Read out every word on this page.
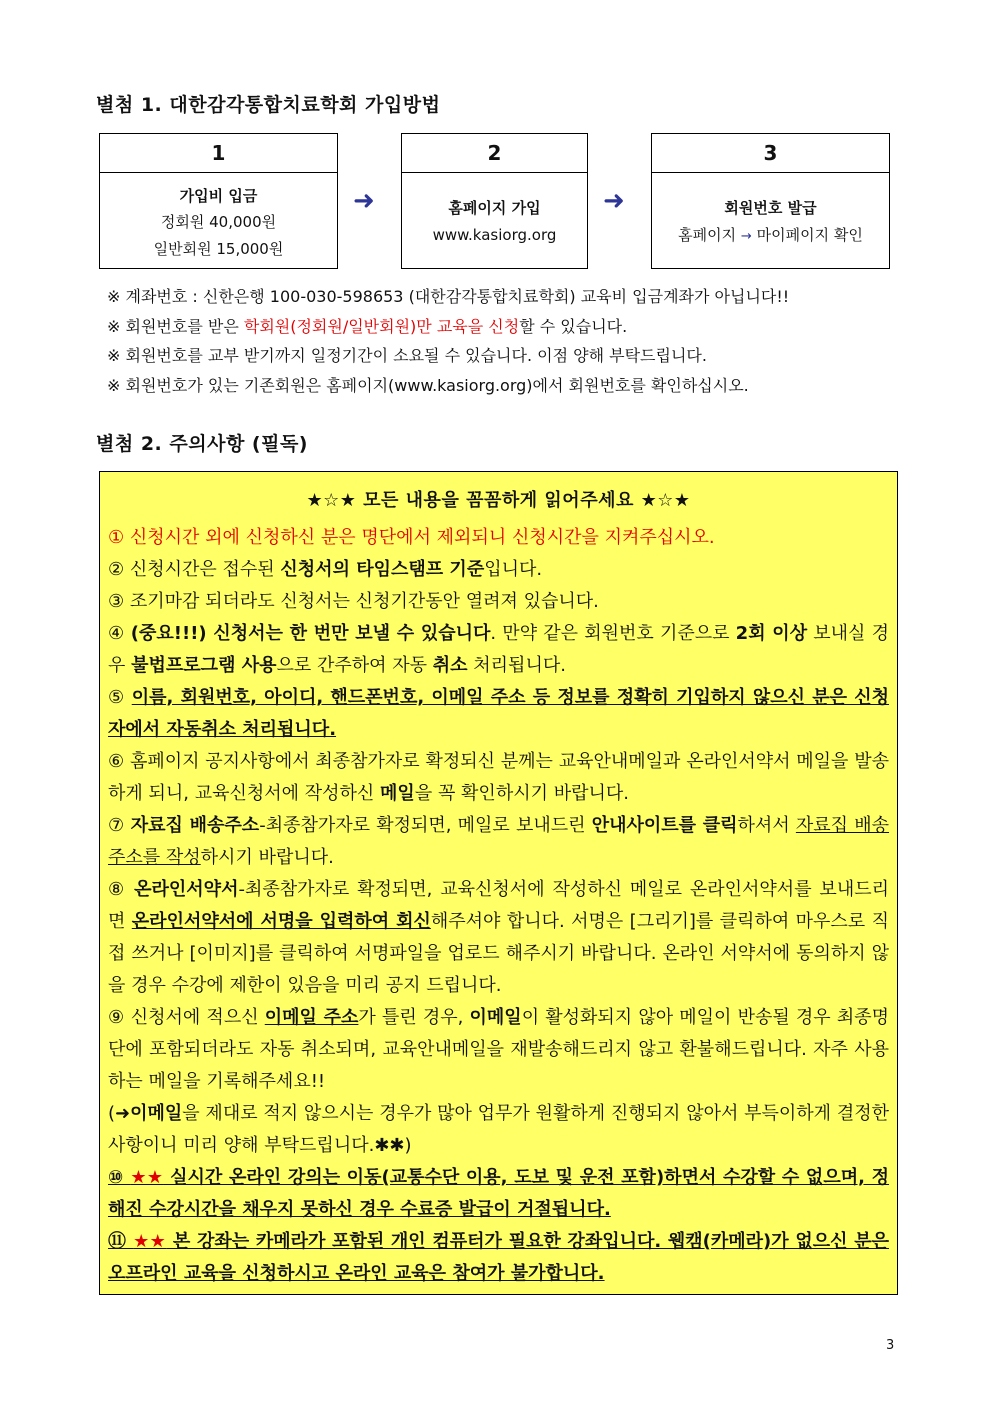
별첨 1. 대한감각통합치료학회 가입방법
1
가입비 입금
정회원 40,000원
일반회원 15,000원
➜
2
홈페이지 가입
www.kasiorg.org
➜
3
회원번호 발급
홈페이지 → 마이페이지 확인
※ 계좌번호 : 신한은행 100-030-598653 (대한감각통합치료학회) 교육비 입금계좌가 아닙니다!!
※ 회원번호를 받은 학회원(정회원/일반회원)만 교육을 신청할 수 있습니다.
※ 회원번호를 교부 받기까지 일정기간이 소요될 수 있습니다. 이점 양해 부탁드립니다.
※ 회원번호가 있는 기존회원은 홈페이지(www.kasiorg.org)에서 회원번호를 확인하십시오.
별첨 2. 주의사항 (필독)
★☆★ 모든 내용을 꼼꼼하게 읽어주세요 ★☆★

① 신청시간 외에 신청하신 분은 명단에서 제외되니 신청시간을 지켜주십시오.

② 신청시간은 접수된 신청서의 타임스탬프 기준입니다.

③ 조기마감 되더라도 신청서는 신청기간동안 열려져 있습니다.

④ (중요!!!) 신청서는 한 번만 보낼 수 있습니다. 만약 같은 회원번호 기준으로 2회 이상 보내실 경우 불법프로그램 사용으로 간주하여 자동 취소 처리됩니다.

⑤ 이름, 회원번호, 아이디, 핸드폰번호, 이메일 주소 등 정보를 정확히 기입하지 않으신 분은 신청자에서 자동취소 처리됩니다.

⑥ 홈페이지 공지사항에서 최종참가자로 확정되신 분께는 교육안내메일과 온라인서약서 메일을 발송하게 되니, 교육신청서에 작성하신 메일을 꼭 확인하시기 바랍니다.

⑦ 자료집 배송주소-최종참가자로 확정되면, 메일로 보내드린 안내사이트를 클릭하셔서 자료집 배송주소를 작성하시기 바랍니다.

⑧ 온라인서약서-최종참가자로 확정되면, 교육신청서에 작성하신 메일로 온라인서약서를 보내드리면 온라인서약서에 서명을 입력하여 회신해주셔야 합니다. 서명은 [그리기]를 클릭하여 마우스로 직접 쓰거나 [이미지]를 클릭하여 서명파일을 업로드 해주시기 바랍니다. 온라인 서약서에 동의하지 않을 경우 수강에 제한이 있음을 미리 공지 드립니다.

⑨ 신청서에 적으신 이메일 주소가 틀린 경우, 이메일이 활성화되지 않아 메일이 반송될 경우 최종명단에 포함되더라도 자동 취소되며, 교육안내메일을 재발송해드리지 않고 환불해드립니다. 자주 사용하는 메일을 기록해주세요!!

(➜이메일을 제대로 적지 않으시는 경우가 많아 업무가 원활하게 진행되지 않아서 부득이하게 결정한 사항이니 미리 양해 부탁드립니다.✱✱)

⑩ ★★ 실시간 온라인 강의는 이동(교통수단 이용, 도보 및 운전 포함)하면서 수강할 수 없으며, 정해진 수강시간을 채우지 못하신 경우 수료증 발급이 거절됩니다.

⑪ ★★ 본 강좌는 카메라가 포함된 개인 컴퓨터가 필요한 강좌입니다. 웹캠(카메라)가 없으신 분은 오프라인 교육을 신청하시고 온라인 교육은 참여가 불가합니다.

3
